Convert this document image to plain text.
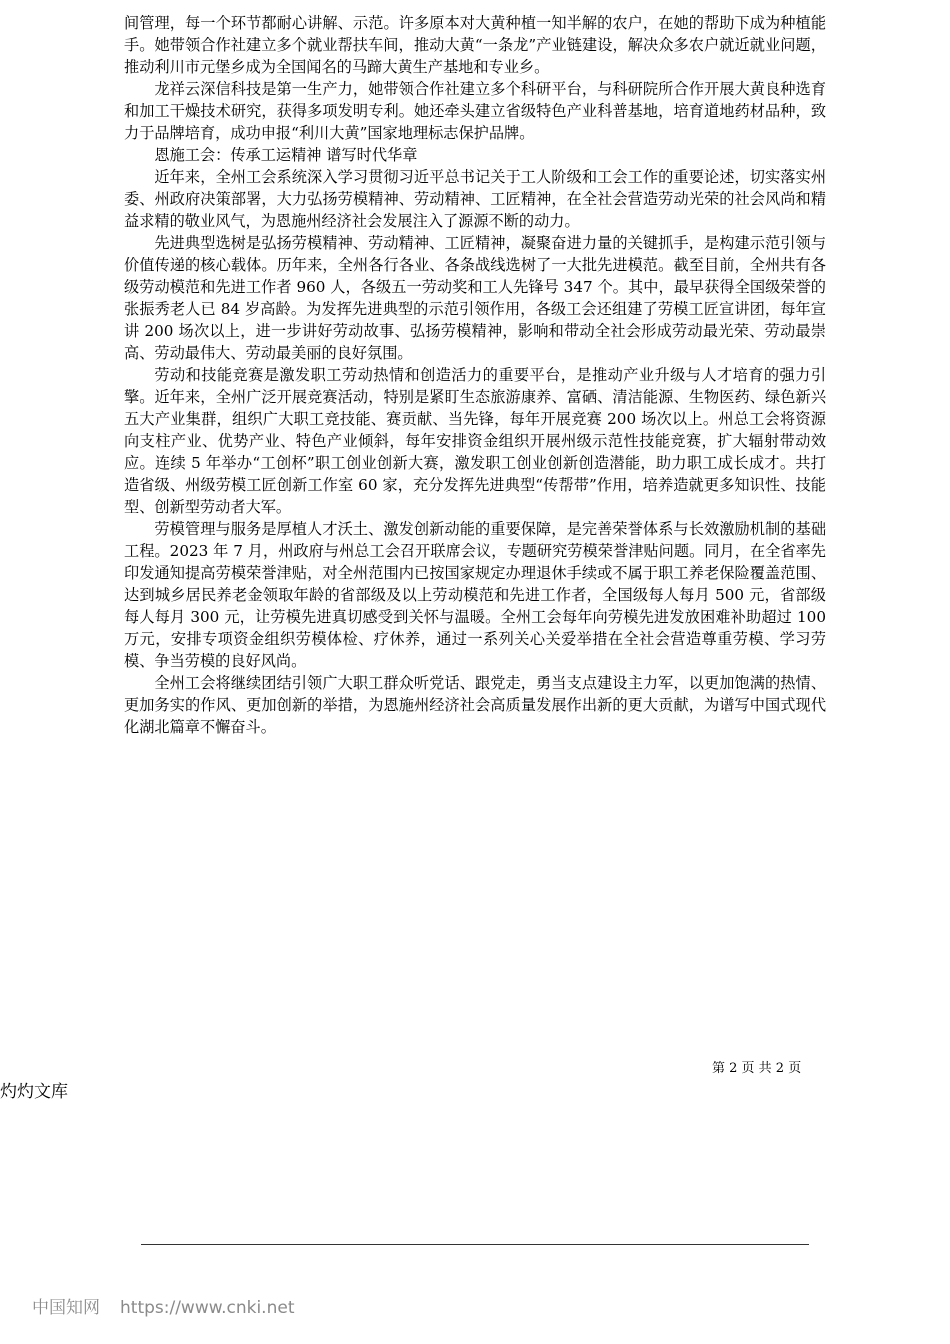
间管理，每一个环节都耐心讲解、示范。许多原本对大黄种植一知半解的农户，在她的帮助下成为种植能手。她带领合作社建立多个就业帮扶车间，推动大黄“一条龙”产业链建设，解决众多农户就近就业问题，推动利川市元堡乡成为全国闻名的马蹄大黄生产基地和专业乡。

龙祥云深信科技是第一生产力，她带领合作社建立多个科研平台，与科研院所合作开展大黄良种选育和加工干燥技术研究，获得多项发明专利。她还牵头建立省级特色产业科普基地，培育道地药材品种，致力于品牌培育，成功申报“利川大黄”国家地理标志保护品牌。

恩施工会：传承工运精神 谱写时代华章

近年来，全州工会系统深入学习贯彻习近平总书记关于工人阶级和工会工作的重要论述，切实落实州委、州政府决策部署，大力弘扬劳模精神、劳动精神、工匠精神，在全社会营造劳动光荣的社会风尚和精益求精的敬业风气，为恩施州经济社会发展注入了源源不断的动力。

先进典型选树是弘扬劳模精神、劳动精神、工匠精神，凝聚奋进力量的关键抓手，是构建示范引领与价值传递的核心载体。历年来，全州各行各业、各条战线选树了一大批先进模范。截至目前，全州共有各级劳动模范和先进工作者 960 人，各级五一劳动奖和工人先锋号 347 个。其中，最早获得全国级荣誉的张振秀老人已 84 岁高龄。为发挥先进典型的示范引领作用，各级工会还组建了劳模工匠宣讲团，每年宣讲 200 场次以上，进一步讲好劳动故事、弘扬劳模精神，影响和带动全社会形成劳动最光荣、劳动最崇高、劳动最伟大、劳动最美丽的良好氛围。

劳动和技能竞赛是激发职工劳动热情和创造活力的重要平台，是推动产业升级与人才培育的强力引擎。近年来，全州广泛开展竞赛活动，特别是紧盯生态旅游康养、富硒、清洁能源、生物医药、绿色新兴五大产业集群，组织广大职工竞技能、赛贡献、当先锋，每年开展竞赛 200 场次以上。州总工会将资源向支柱产业、优势产业、特色产业倾斜，每年安排资金组织开展州级示范性技能竞赛，扩大辐射带动效应。连续 5 年举办“工创杯”职工创业创新大赛，激发职工创业创新创造潜能，助力职工成长成才。共打造省级、州级劳模工匠创新工作室 60 家，充分发挥先进典型“传帮带”作用，培养造就更多知识性、技能型、创新型劳动者大军。

劳模管理与服务是厚植人才沃土、激发创新动能的重要保障，是完善荣誉体系与长效激励机制的基础工程。2023 年 7 月，州政府与州总工会召开联席会议，专题研究劳模荣誉津贴问题。同月，在全省率先印发通知提高劳模荣誉津贴，对全州范围内已按国家规定办理退休手续或不属于职工养老保险覆盖范围、达到城乡居民养老金领取年龄的省部级及以上劳动模范和先进工作者，全国级每人每月 500 元，省部级每人每月 300 元，让劳模先进真切感受到关怀与温暖。全州工会每年向劳模先进发放困难补助超过 100 万元，安排专项资金组织劳模体检、疗休养，通过一系列关心关爱举措在全社会营造尊重劳模、学习劳模、争当劳模的良好风尚。

全州工会将继续团结引领广大职工群众听党话、跟党走，勇当支点建设主力军，以更加饱满的热情、更加务实的作风、更加创新的举措，为恩施州经济社会高质量发展作出新的更大贡献，为谱写中国式现代化湖北篇章不懈奋斗。

第 2 页 共 2 页
灼灼文库
中国知网 https://www.cnki.net
